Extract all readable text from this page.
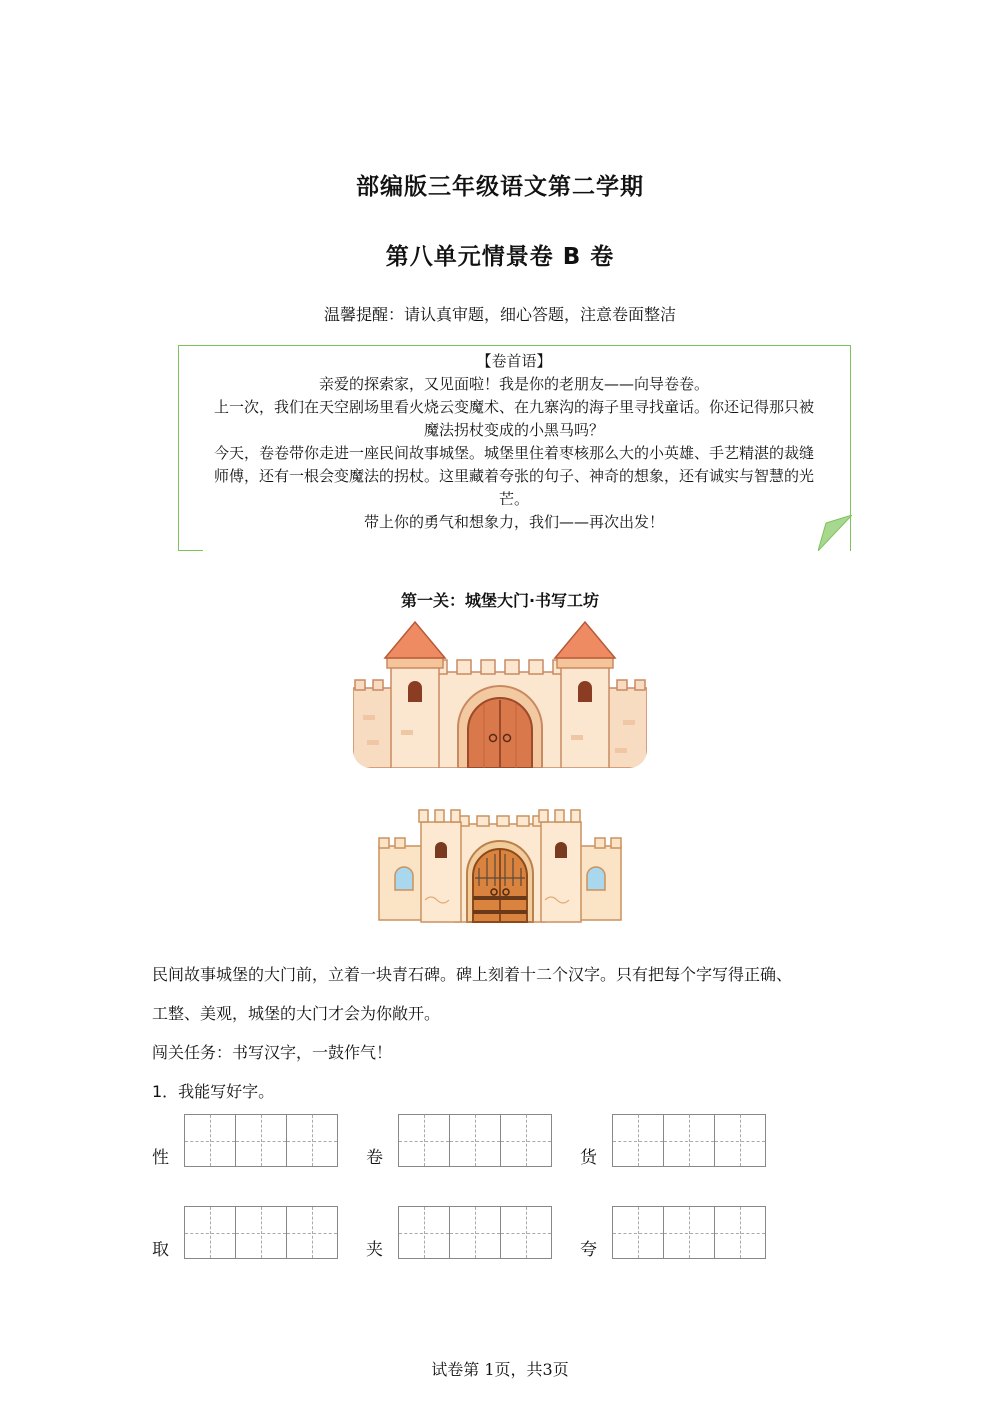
部编版三年级语文第二学期
第八单元情景卷 B 卷
温馨提醒：请认真审题，细心答题，注意卷面整洁
【卷首语】
亲爱的探索家，又见面啦！我是你的老朋友——向导卷卷。
上一次，我们在天空剧场里看火烧云变魔术、在九寨沟的海子里寻找童话。你还记得那只被
魔法拐杖变成的小黑马吗？
今天，卷卷带你走进一座民间故事城堡。城堡里住着枣核那么大的小英雄、手艺精湛的裁缝
师傅，还有一根会变魔法的拐杖。这里藏着夸张的句子、神奇的想象，还有诚实与智慧的光
芒。
带上你的勇气和想象力，我们——再次出发！
第一关：城堡大门·书写工坊
民间故事城堡的大门前，立着一块青石碑。碑上刻着十二个汉字。只有把每个字写得正确、
工整、美观，城堡的大门才会为你敞开。
闯关任务：书写汉字，一鼓作气！
1．我能写好字。
性	卷	货
取	夹	夸
试卷第 1页，共3页
